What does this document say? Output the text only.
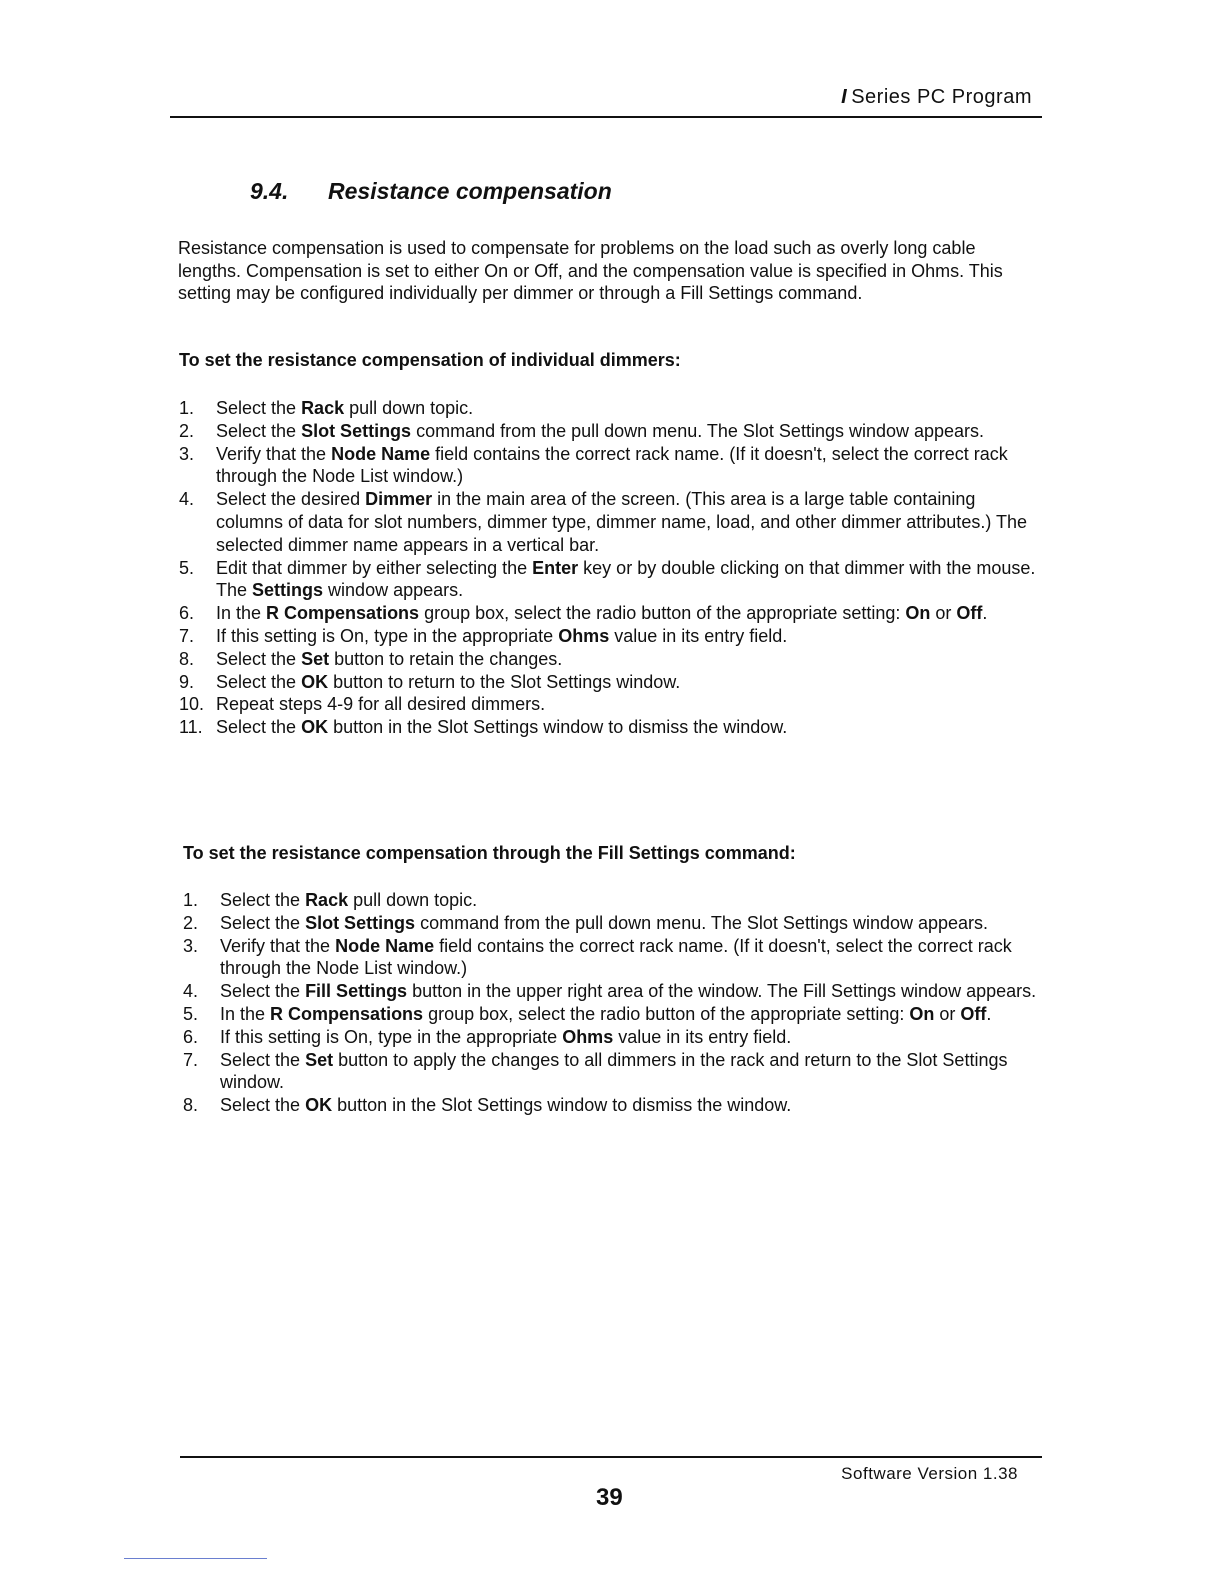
I Series PC Program
9.4. Resistance compensation

Resistance compensation is used to compensate for problems on the load such as overly long cable lengths. Compensation is set to either On or Off, and the compensation value is specified in Ohms. This setting may be configured individually per dimmer or through a Fill Settings command.

To set the resistance compensation of individual dimmers:
1. Select the Rack pull down topic.
2. Select the Slot Settings command from the pull down menu. The Slot Settings window appears.
3. Verify that the Node Name field contains the correct rack name. (If it doesn't, select the correct rack through the Node List window.)
4. Select the desired Dimmer in the main area of the screen. (This area is a large table containing columns of data for slot numbers, dimmer type, dimmer name, load, and other dimmer attributes.) The selected dimmer name appears in a vertical bar.
5. Edit that dimmer by either selecting the Enter key or by double clicking on that dimmer with the mouse. The Settings window appears.
6. In the R Compensations group box, select the radio button of the appropriate setting: On or Off.
7. If this setting is On, type in the appropriate Ohms value in its entry field.
8. Select the Set button to retain the changes.
9. Select the OK button to return to the Slot Settings window.
10. Repeat steps 4-9 for all desired dimmers.
11. Select the OK button in the Slot Settings window to dismiss the window.
To set the resistance compensation through the Fill Settings command:
1. Select the Rack pull down topic.
2. Select the Slot Settings command from the pull down menu. The Slot Settings window appears.
3. Verify that the Node Name field contains the correct rack name. (If it doesn't, select the correct rack through the Node List window.)
4. Select the Fill Settings button in the upper right area of the window. The Fill Settings window appears.
5. In the R Compensations group box, select the radio button of the appropriate setting: On or Off.
6. If this setting is On, type in the appropriate Ohms value in its entry field.
7. Select the Set button to apply the changes to all dimmers in the rack and return to the Slot Settings window.
8. Select the OK button in the Slot Settings window to dismiss the window.
Software Version 1.38
39
